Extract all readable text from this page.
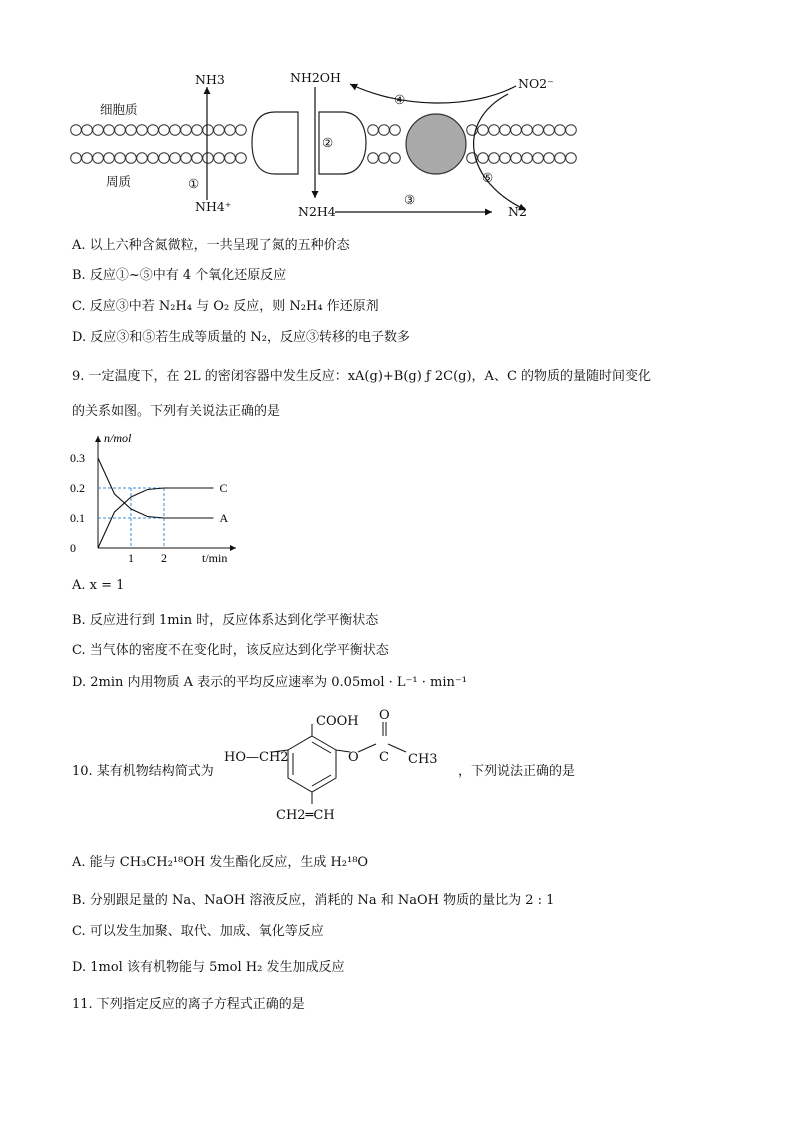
NH3	NH2OH	NO2⁻
细胞质
周质
NH4⁺	N2H4	N2
①
②
③
④
⑤
A. 以上六种含氮微粒，一共呈现了氮的五种价态
B. 反应①~⑤中有 4 个氧化还原反应
C. 反应③中若 N₂H₄ 与 O₂ 反应，则 N₂H₄ 作还原剂
D. 反应③和⑤若生成等质量的 N₂，反应③转移的电子数多
9. 一定温度下，在 2L 的密闭容器中发生反应：xA(g)+B(g) ƒ 2C(g)，A、C 的物质的量随时间变化
的关系如图。下列有关说法正确的是
C
A
0.3
0.2
0.1
0
1 2
n/mol
t/min
A. x = 1
B. 反应进行到 1min 时，反应体系达到化学平衡状态
C. 当气体的密度不在变化时，该反应达到化学平衡状态
D. 2min 内用物质 A 表示的平均反应速率为 0.05mol · L⁻¹ · min⁻¹
10. 某有机物结构简式为
COOH O
HO—CH2	O C CH3
CH2═CH
，下列说法正确的是
A. 能与 CH₃CH₂¹⁸OH 发生酯化反应，生成 H₂¹⁸O
B. 分别跟足量的 Na、NaOH 溶液反应，消耗的 Na 和 NaOH 物质的量比为 2 : 1
C. 可以发生加聚、取代、加成、氧化等反应
D. 1mol 该有机物能与 5mol H₂ 发生加成反应
11. 下列指定反应的离子方程式正确的是
